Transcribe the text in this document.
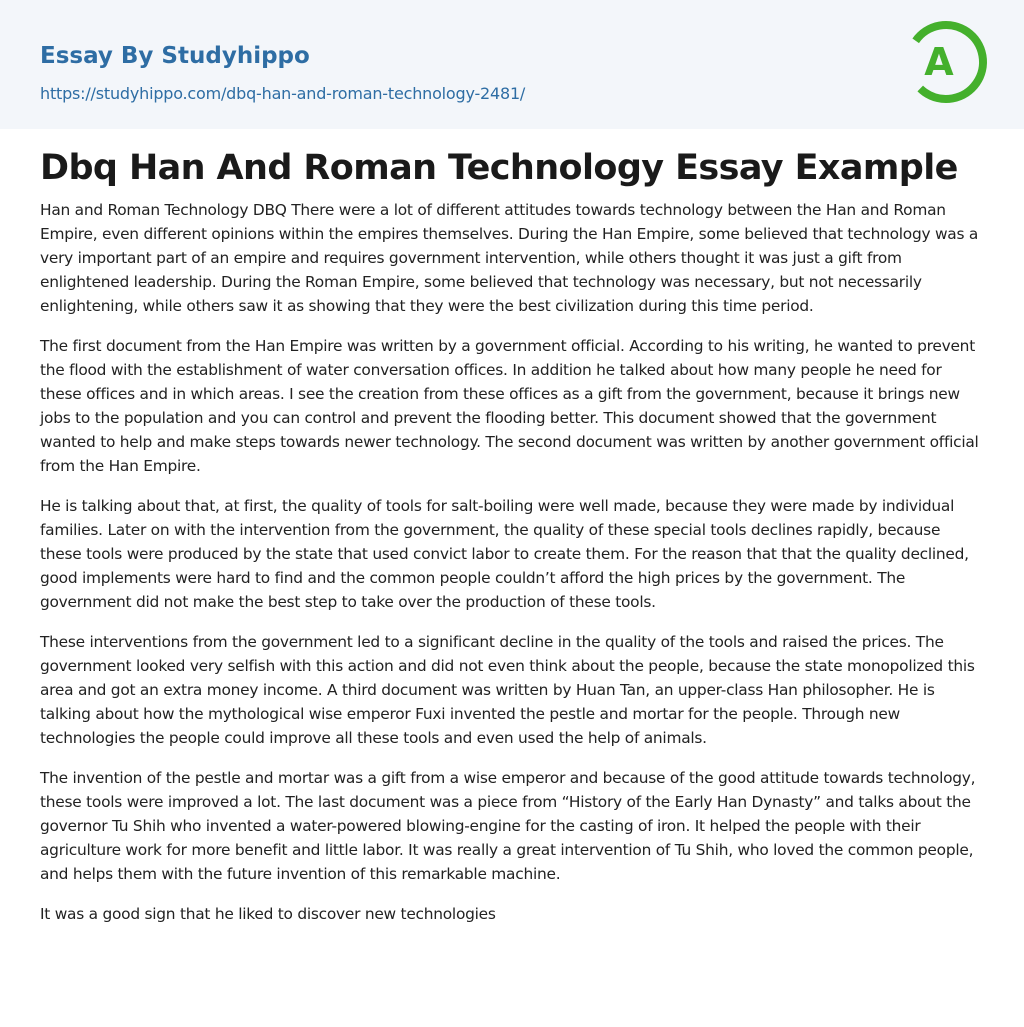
Essay By Studyhippo
https://studyhippo.com/dbq-han-and-roman-technology-2481/
A
Dbq Han And Roman Technology Essay Example

Han and Roman Technology DBQ There were a lot of different attitudes towards technology between the Han and Roman Empire, even different opinions within the empires themselves. During the Han Empire, some believed that technology was a very important part of an empire and requires government intervention, while others thought it was just a gift from enlightened leadership. During the Roman Empire, some believed that technology was necessary, but not necessarily enlightening, while others saw it as showing that they were the best civilization during this time period.

The first document from the Han Empire was written by a government official. According to his writing, he wanted to prevent the flood with the establishment of water conversation offices. In addition he talked about how many people he need for these offices and in which areas. I see the creation from these offices as a gift from the government, because it brings new jobs to the population and you can control and prevent the flooding better. This document showed that the government wanted to help and make steps towards newer technology. The second document was written by another government official from the Han Empire.

He is talking about that, at first, the quality of tools for salt-boiling were well made, because they were made by individual families. Later on with the intervention from the government, the quality of these special tools declines rapidly, because these tools were produced by the state that used convict labor to create them. For the reason that that the quality declined, good implements were hard to find and the common people couldn’t afford the high prices by the government. The government did not make the best step to take over the production of these tools.

These interventions from the government led to a significant decline in the quality of the tools and raised the prices. The government looked very selfish with this action and did not even think about the people, because the state monopolized this area and got an extra money income. A third document was written by Huan Tan, an upper-class Han philosopher. He is talking about how the mythological wise emperor Fuxi invented the pestle and mortar for the people. Through new technologies the people could improve all these tools and even used the help of animals.

The invention of the pestle and mortar was a gift from a wise emperor and because of the good attitude towards technology, these tools were improved a lot. The last document was a piece from “History of the Early Han Dynasty” and talks about the governor Tu Shih who invented a water-powered blowing-engine for the casting of iron. It helped the people with their agriculture work for more benefit and little labor. It was really a great intervention of Tu Shih, who loved the common people, and helps them with the future invention of this remarkable machine.

It was a good sign that he liked to discover new technologies
